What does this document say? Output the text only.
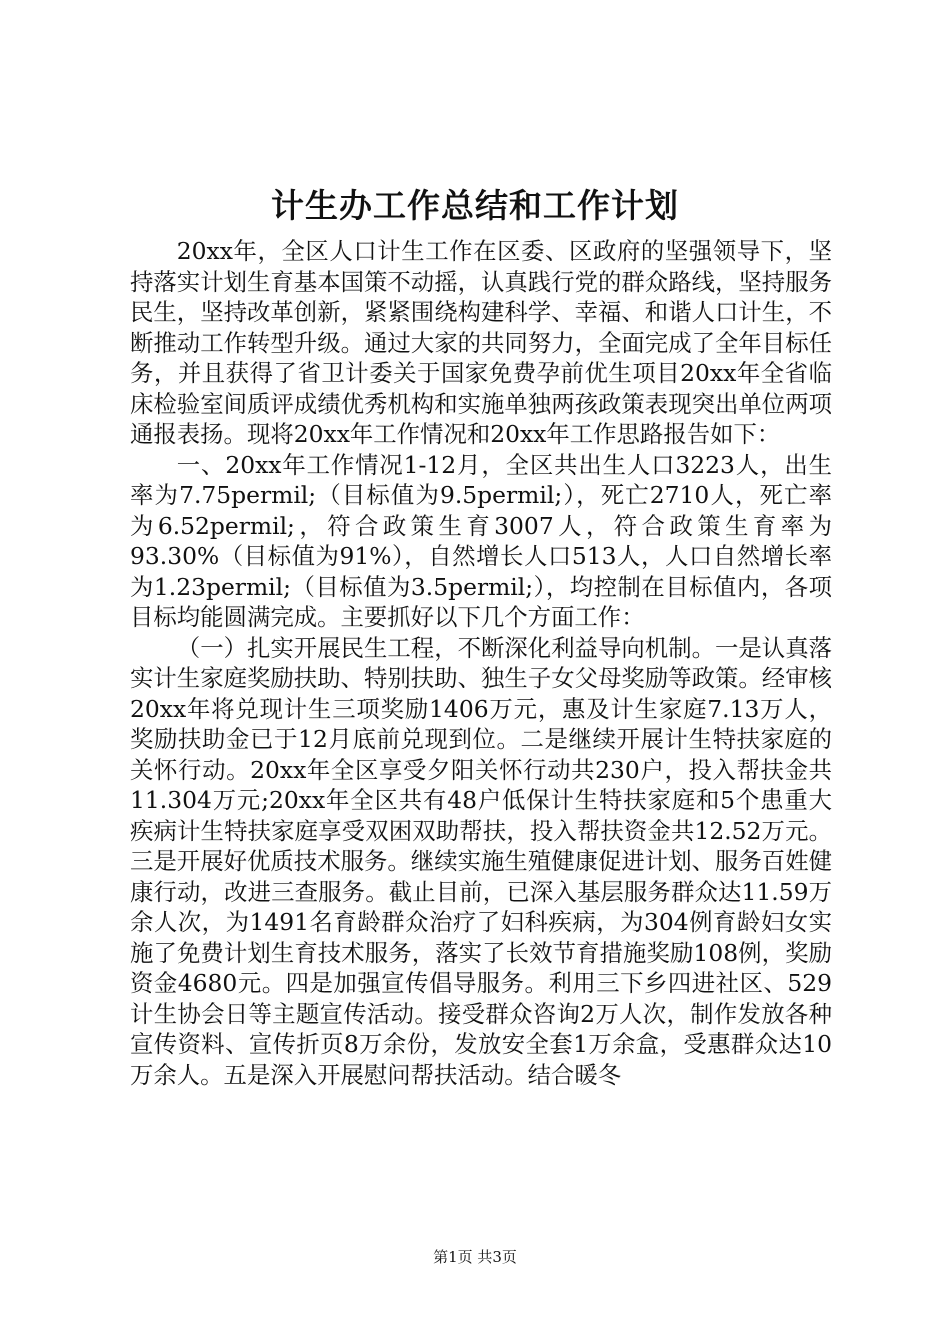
计生办工作总结和工作计划

20xx年，全区人口计生工作在区委、区政府的坚强领导下，坚持落实计划生育基本国策不动摇，认真践行党的群众路线，坚持服务民生，坚持改革创新，紧紧围绕构建科学、幸福、和谐人口计生，不断推动工作转型升级。通过大家的共同努力，全面完成了全年目标任务，并且获得了省卫计委关于国家免费孕前优生项目20xx年全省临床检验室间质评成绩优秀机构和实施单独两孩政策表现突出单位两项通报表扬。现将20xx年工作情况和20xx年工作思路报告如下：

一、20xx年工作情况1-12月，全区共出生人口3223人，出生率为7.75permil;（目标值为9.5permil;），死亡2710人，死亡率为6.52permil;，符合政策生育3007人，符合政策生育率为93.30%（目标值为91%），自然增长人口513人，人口自然增长率为1.23permil;（目标值为3.5permil;），均控制在目标值内，各项目标均能圆满完成。主要抓好以下几个方面工作：

（一）扎实开展民生工程，不断深化利益导向机制。一是认真落实计生家庭奖励扶助、特别扶助、独生子女父母奖励等政策。经审核20xx年将兑现计生三项奖励1406万元，惠及计生家庭7.13万人，奖励扶助金已于12月底前兑现到位。二是继续开展计生特扶家庭的关怀行动。20xx年全区享受夕阳关怀行动共230户，投入帮扶金共11.304万元;20xx年全区共有48户低保计生特扶家庭和5个患重大疾病计生特扶家庭享受双困双助帮扶，投入帮扶资金共12.52万元。三是开展好优质技术服务。继续实施生殖健康促进计划、服务百姓健康行动，改进三查服务。截止目前，已深入基层服务群众达11.59万余人次，为1491名育龄群众治疗了妇科疾病，为304例育龄妇女实施了免费计划生育技术服务，落实了长效节育措施奖励108例，奖励资金4680元。四是加强宣传倡导服务。利用三下乡四进社区、529计生协会日等主题宣传活动。接受群众咨询2万人次，制作发放各种宣传资料、宣传折页8万余份，发放安全套1万余盒，受惠群众达10万余人。五是深入开展慰问帮扶活动。结合暖冬

第1页 共3页
